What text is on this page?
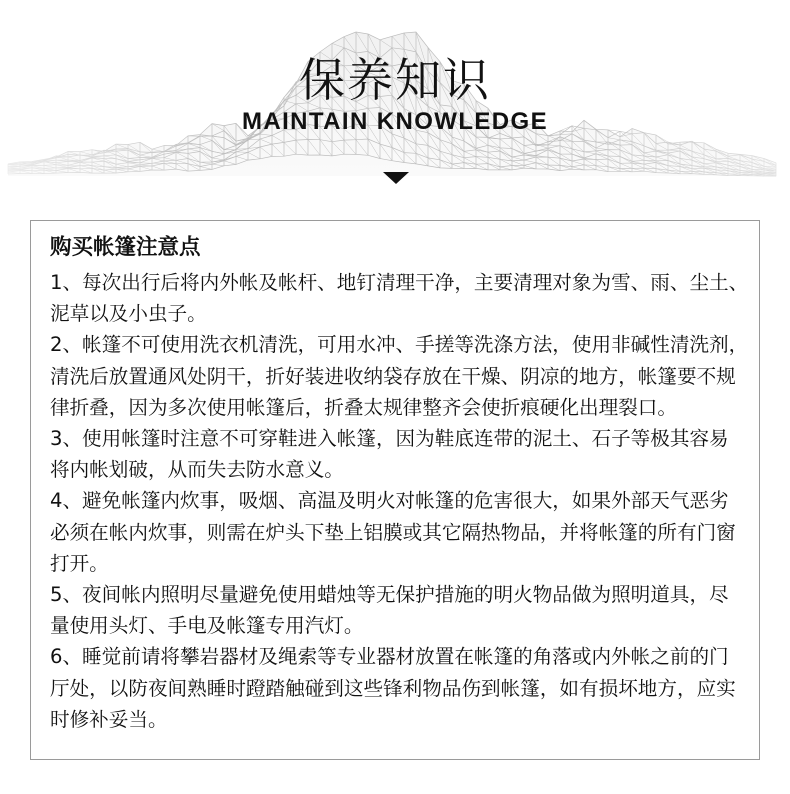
保养知识
MAINTAIN KNOWLEDGE
购买帐篷注意点
1、每次出行后将内外帐及帐杆、地钉清理干净，主要清理对象为雪、雨、尘土、
泥草以及小虫子。
2、帐篷不可使用洗衣机清洗，可用水冲、手搓等洗涤方法，使用非碱性清洗剂，
清洗后放置通风处阴干，折好装进收纳袋存放在干燥、阴凉的地方，帐篷要不规
律折叠，因为多次使用帐篷后，折叠太规律整齐会使折痕硬化出理裂口。
3、使用帐篷时注意不可穿鞋进入帐篷，因为鞋底连带的泥土、石子等极其容易
将内帐划破，从而失去防水意义。
4、避免帐篷内炊事，吸烟、高温及明火对帐篷的危害很大，如果外部天气恶劣
必须在帐内炊事，则需在炉头下垫上铝膜或其它隔热物品，并将帐篷的所有门窗
打开。
5、夜间帐内照明尽量避免使用蜡烛等无保护措施的明火物品做为照明道具，尽
量使用头灯、手电及帐篷专用汽灯。
6、睡觉前请将攀岩器材及绳索等专业器材放置在帐篷的角落或内外帐之前的门
厅处，以防夜间熟睡时蹬踏触碰到这些锋利物品伤到帐篷，如有损坏地方，应实
时修补妥当。
